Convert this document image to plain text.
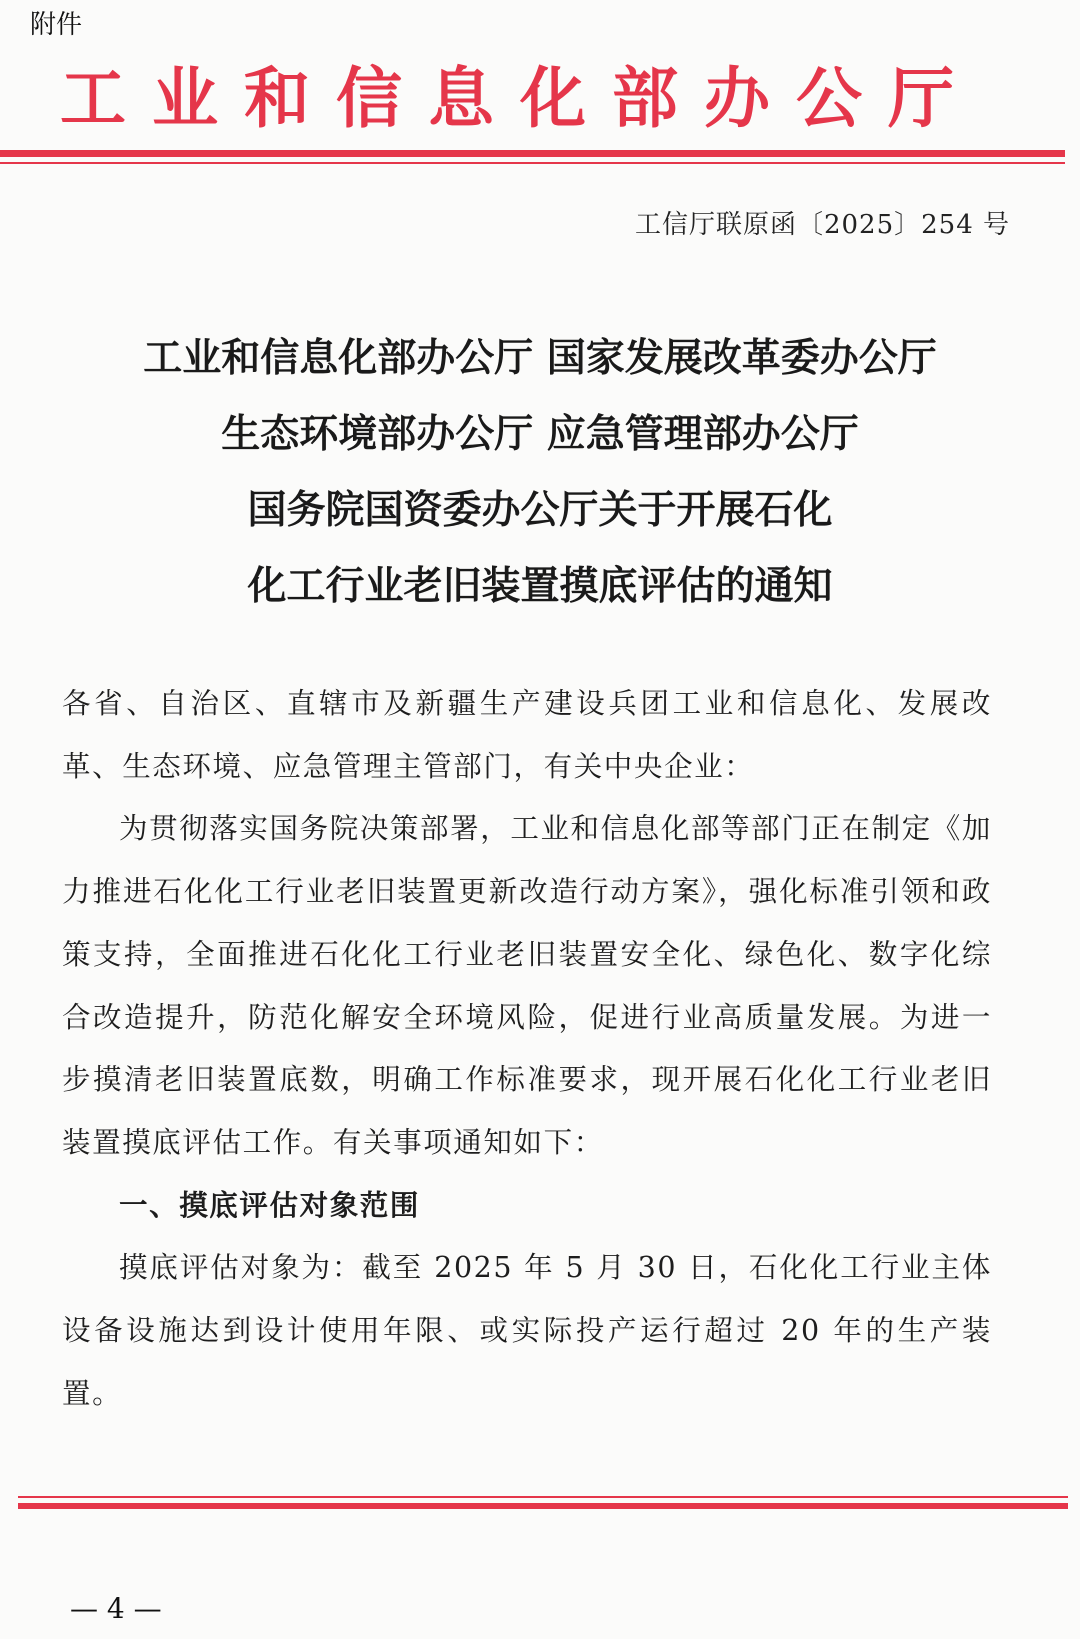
附件
工业和信息化部办公厅
工信厅联原函〔2025〕254 号
工业和信息化部办公厅 国家发展改革委办公厅
生态环境部办公厅 应急管理部办公厅
国务院国资委办公厅关于开展石化
化工行业老旧装置摸底评估的通知

各省、自治区、直辖市及新疆生产建设兵团工业和信息化、发展改革、生态环境、应急管理主管部门，有关中央企业：

为贯彻落实国务院决策部署，工业和信息化部等部门正在制定《加力推进石化化工行业老旧装置更新改造行动方案》，强化标准引领和政策支持，全面推进石化化工行业老旧装置安全化、绿色化、数字化综合改造提升，防范化解安全环境风险，促进行业高质量发展。为进一步摸清老旧装置底数，明确工作标准要求，现开展石化化工行业老旧装置摸底评估工作。有关事项通知如下：

一、摸底评估对象范围

摸底评估对象为：截至 2025 年 5 月 30 日，石化化工行业主体设备设施达到设计使用年限、或实际投产运行超过 20 年的生产装置。

— 4 —
